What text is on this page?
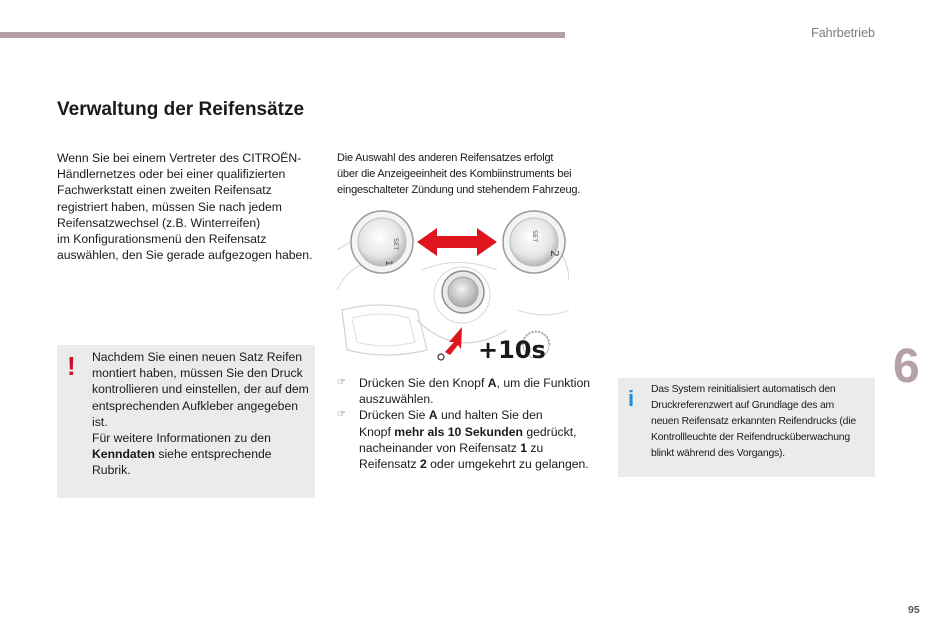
Fahrbetrieb
Verwaltung der Reifensätze

Wenn Sie bei einem Vertreter des CITROËN-

Händlernetzes oder bei einer qualifizierten

Fachwerkstatt einen zweiten Reifensatz

registriert haben, müssen Sie nach jedem

Reifensatzwechsel (z.B. Winterreifen)

im Konfigurationsmenü den Reifensatz

auswählen, den Sie gerade aufgezogen haben.

Die Auswahl des anderen Reifensatzes erfolgt

über die Anzeigeeinheit des Kombiinstruments bei

eingeschalteter Zündung und stehendem Fahrzeug.

SET
1
SET
2
+10s
! Nachdem Sie einen neuen Satz Reifen

montiert haben, müssen Sie den Druck

kontrollieren und einstellen, der auf dem

entsprechenden Aufkleber angegeben

ist.

Für weitere Informationen zu den

Kenndaten siehe entsprechende

Rubrik.

☞ Drücken Sie den Knopf A, um die Funktion
auszuwählen.
☞ Drücken Sie A und halten Sie den
Knopf mehr als 10 Sekunden gedrückt,
nacheinander von Reifensatz 1 zu
Reifensatz 2 oder umgekehrt zu gelangen.
i Das System reinitialisiert automatisch den

Druckreferenzwert auf Grundlage des am

neuen Reifensatz erkannten Reifendrucks (die

Kontrollleuchte der Reifendrucküberwachung

blinkt während des Vorgangs).

6
95
